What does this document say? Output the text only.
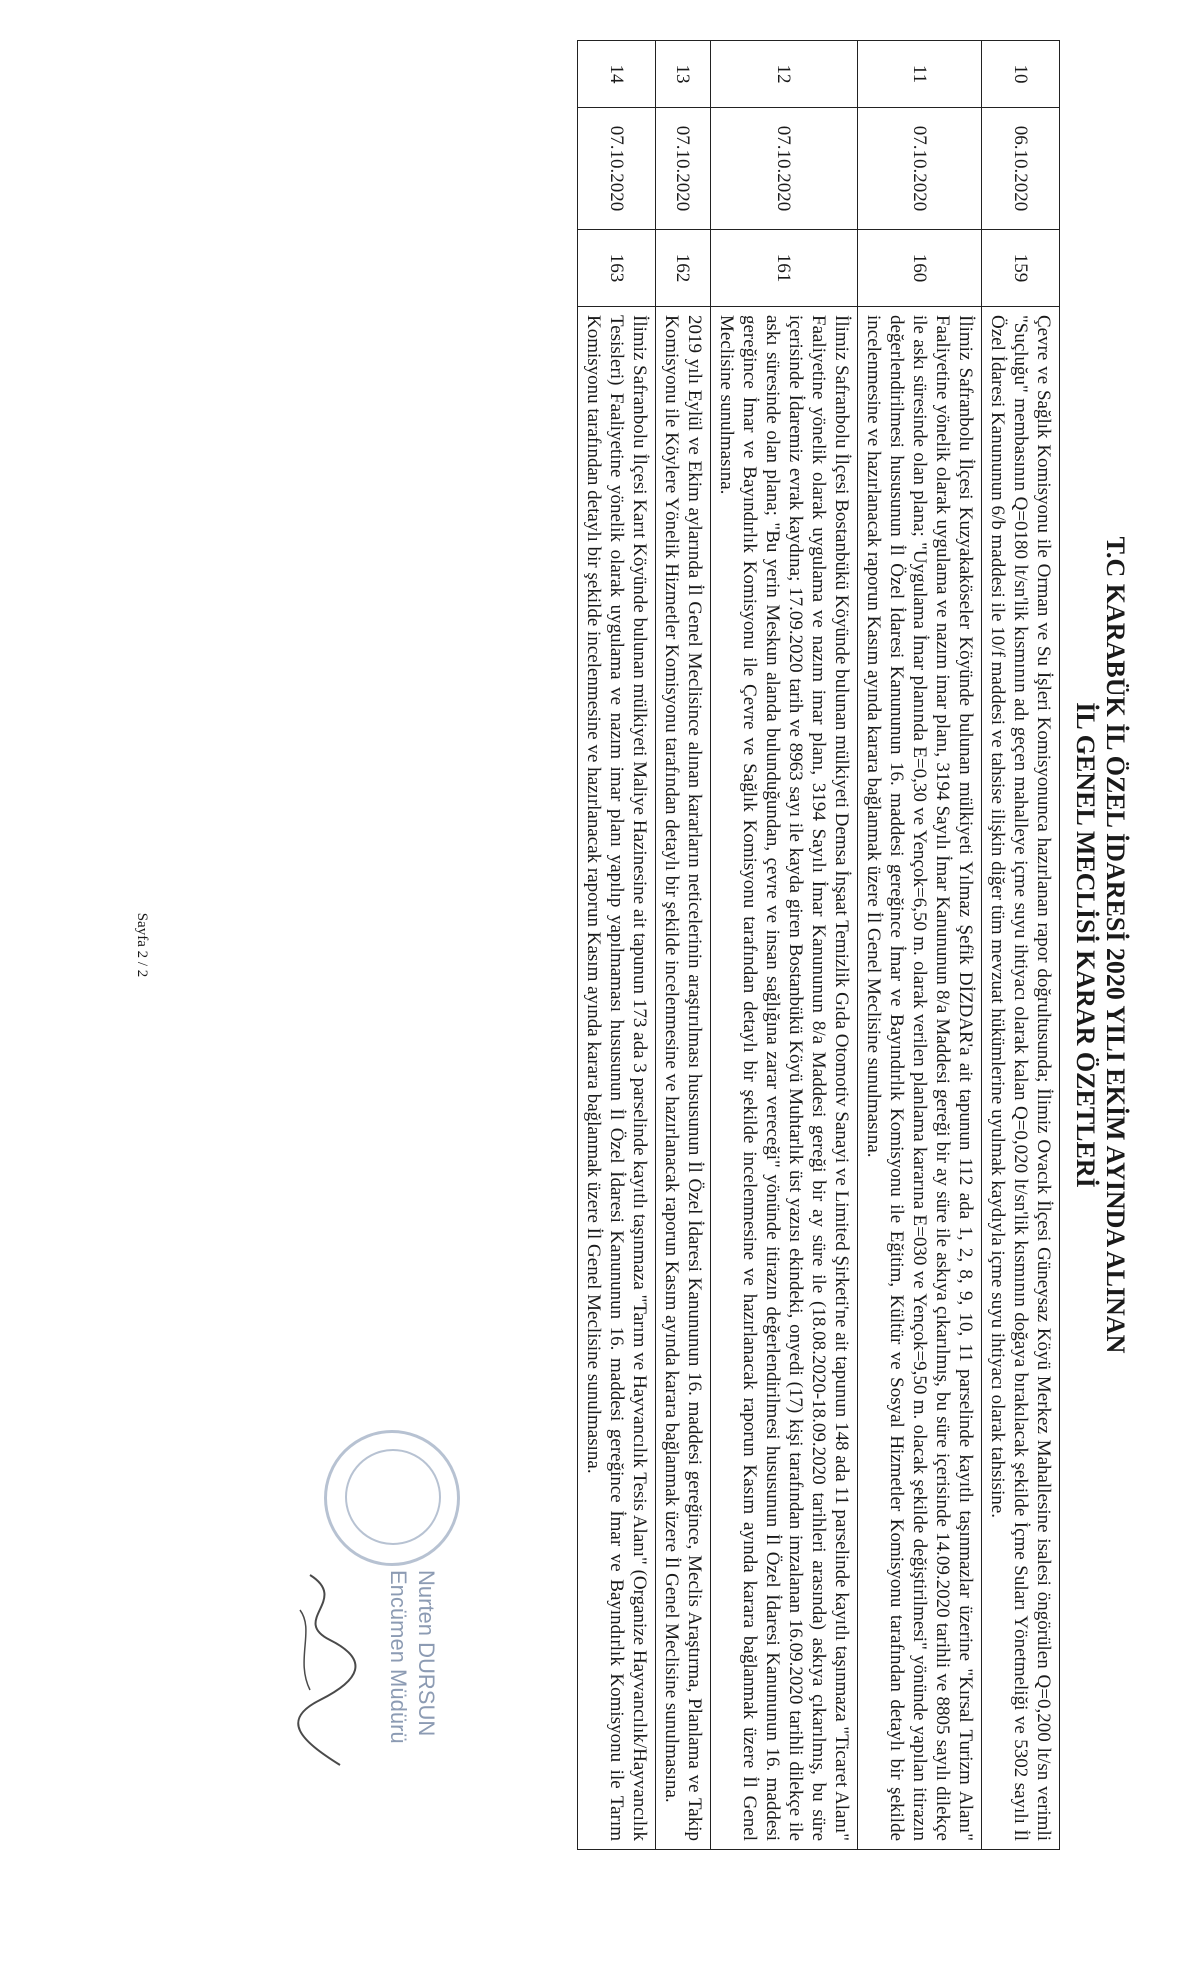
T.C KARABÜK İL ÖZEL İDARESİ 2020 YILI EKİM AYINDA ALINAN
İL GENEL MECLİSİ KARAR ÖZETLERİ
10	06.10.2020	159	Çevre ve Sağlık Komisyonu ile Orman ve Su İşleri Komisyonunca hazırlanan rapor doğrultusunda; İlimiz Ovacık İlçesi Güneysaz Köyü Merkez Mahallesine isalesi öngörülen Q=0,200 lt/sn verimli "Suçluğu" membasının Q=0180 lt/sn'lik kısmının adı geçen mahalleye içme suyu ihtiyacı olarak kalan Q=0,020 lt/sn'lik kısmının doğaya bırakılacak şekilde İçme Suları Yönetmeliği ve 5302 sayılı İl Özel İdaresi Kanununun 6/b maddesi ile 10/f maddesi ve tahsise ilişkin diğer tüm mevzuat hükümlerine uyulmak kaydıyla içme suyu ihtiyacı olarak tahsisine.
11	07.10.2020	160	İlimiz Safranbolu İlçesi Kuzyakaköseler Köyünde bulunan mülkiyeti Yılmaz Şefik DİZDAR'a ait tapunun 112 ada 1, 2, 8, 9, 10, 11 parselinde kayıtlı taşınmazlar üzerine "Kırsal Turizm Alanı" Faaliyetine yönelik olarak uygulama ve nazım imar planı, 3194 Sayılı İmar Kanununun 8/a Maddesi gereği bir ay süre ile askıya çıkarılmış, bu süre içerisinde 14.09.2020 tarihli ve 8805 sayılı dilekçe ile askı süresinde olan plana; "Uygulama İmar planında E=0,30 ve Yençok=6,50 m. olarak verilen planlama kararına E=030 ve Yençok=9,50 m. olacak şekilde değiştirilmesi" yönünde yapılan itirazın değerlendirilmesi hususunun İl Özel İdaresi Kanununun 16. maddesi gereğince İmar ve Bayındırlık Komisyonu ile Eğitim, Kültür ve Sosyal Hizmetler Komisyonu tarafından detaylı bir şekilde incelenmesine ve hazırlanacak raporun Kasım ayında karara bağlanmak üzere İl Genel Meclisine sunulmasına.
12	07.10.2020	161	İlimiz Safranbolu İlçesi Bostanbükü Köyünde bulunan mülkiyeti Demsa İnşaat Temizlik Gıda Otomotiv Sanayi ve Limited Şirketi'ne ait tapunun 148 ada 11 parselinde kayıtlı taşınmaza "Ticaret Alanı" Faaliyetine yönelik olarak uygulama ve nazım imar planı, 3194 Sayılı İmar Kanununun 8/a Maddesi gereği bir ay süre ile (18.08.2020-18.09.2020 tarihleri arasında) askıya çıkarılmış, bu süre içerisinde İdaremiz evrak kaydına; 17.09.2020 tarih ve 8963 sayı ile kayda giren Bostanbükü Köyü Muhtarlık üst yazısı ekindeki, onyedi (17) kişi tarafından imzalanan 16.09.2020 tarihli dilekçe ile askı süresinde olan plana; "Bu yerin Meskun alanda bulunduğundan, çevre ve insan sağlığına zarar vereceği" yönünde itirazın değerlendirilmesi hususunun İl Özel İdaresi Kanununun 16. maddesi gereğince İmar ve Bayındırlık Komisyonu ile Çevre ve Sağlık Komisyonu tarafından detaylı bir şekilde incelenmesine ve hazırlanacak raporun Kasım ayında karara bağlanmak üzere İl Genel Meclisine sunulmasına.
13	07.10.2020	162	2019 yılı Eylül ve Ekim aylarında İl Genel Meclisince alınan kararların neticelerinin araştırılması hususunun İl Özel İdaresi Kanununun 16. maddesi gereğince, Meclis Araştırma, Planlama ve Takip Komisyonu ile Köylere Yönelik Hizmetler Komisyonu tarafından detaylı bir şekilde incelenmesine ve hazırlanacak raporun Kasım ayında karara bağlanmak üzere İl Genel Meclisine sunulmasına.
14	07.10.2020	163	İlimiz Safranbolu İlçesi Karıt Köyünde bulunan mülkiyeti Maliye Hazinesine ait tapunun 173 ada 3 parselinde kayıtlı taşınmaza "Tarım ve Hayvancılık Tesis Alanı" (Organize Hayvancılık/Hayvancılık Tesisleri) Faaliyetine yönelik olarak uygulama ve nazım imar planı yapılıp yapılmaması hususunun İl Özel İdaresi Kanununun 16. maddesi gereğince İmar ve Bayındırlık Komisyonu ile Tarım Komisyonu tarafından detaylı bir şekilde incelenmesine ve hazırlanacak raporun Kasım ayında karara bağlanmak üzere İl Genel Meclisine sunulmasına.
Nurten DURSUN
Encümen Müdürü
Sayfa 2 / 2
